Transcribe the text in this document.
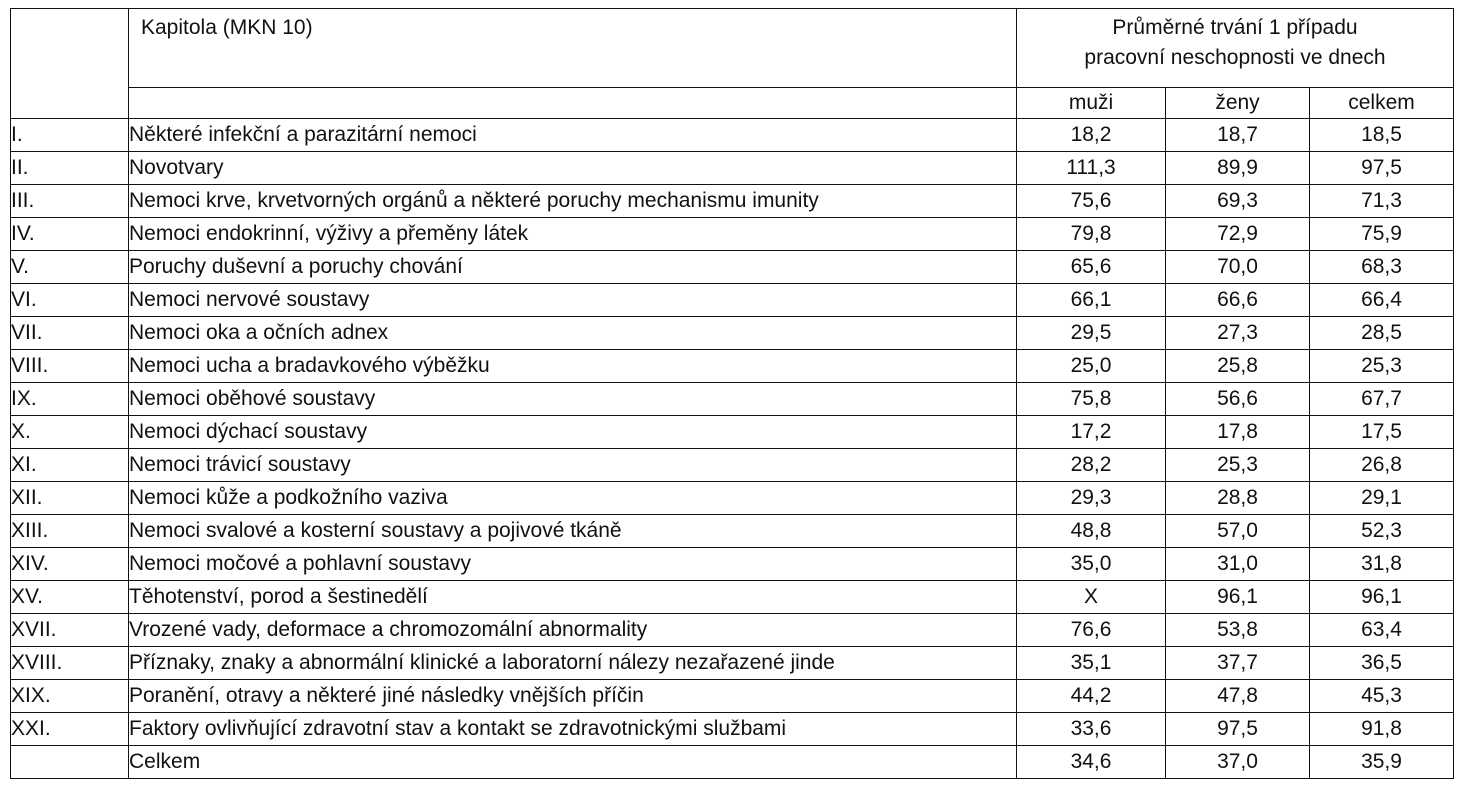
	Kapitola (MKN 10)	Průměrné trvání 1 případu
pracovní neschopnosti ve dnech		

		muži	ženy	celkem
I.	Některé infekční a parazitární nemoci	18,2	18,7	18,5
II.	Novotvary	111,3	89,9	97,5
III.	Nemoci krve, krvetvorných orgánů a některé poruchy mechanismu imunity	75,6	69,3	71,3
IV.	Nemoci endokrinní, výživy a přeměny látek	79,8	72,9	75,9
V.	Poruchy duševní a poruchy chování	65,6	70,0	68,3
VI.	Nemoci nervové soustavy	66,1	66,6	66,4
VII.	Nemoci oka a očních adnex	29,5	27,3	28,5
VIII.	Nemoci ucha a bradavkového výběžku	25,0	25,8	25,3
IX.	Nemoci oběhové soustavy	75,8	56,6	67,7
X.	Nemoci dýchací soustavy	17,2	17,8	17,5
XI.	Nemoci trávicí soustavy	28,2	25,3	26,8
XII.	Nemoci kůže a podkožního vaziva	29,3	28,8	29,1
XIII.	Nemoci svalové a kosterní soustavy a pojivové tkáně	48,8	57,0	52,3
XIV.	Nemoci močové a pohlavní soustavy	35,0	31,0	31,8
XV.	Těhotenství, porod a šestinedělí	X	96,1	96,1
XVII.	Vrozené vady, deformace a chromozomální abnormality	76,6	53,8	63,4
XVIII.	Příznaky, znaky a abnormální klinické a laboratorní nálezy nezařazené jinde	35,1	37,7	36,5
XIX.	Poranění, otravy a některé jiné následky vnějších příčin	44,2	47,8	45,3
XXI.	Faktory ovlivňující zdravotní stav a kontakt se zdravotnickými službami	33,6	97,5	91,8
	Celkem	34,6	37,0	35,9
